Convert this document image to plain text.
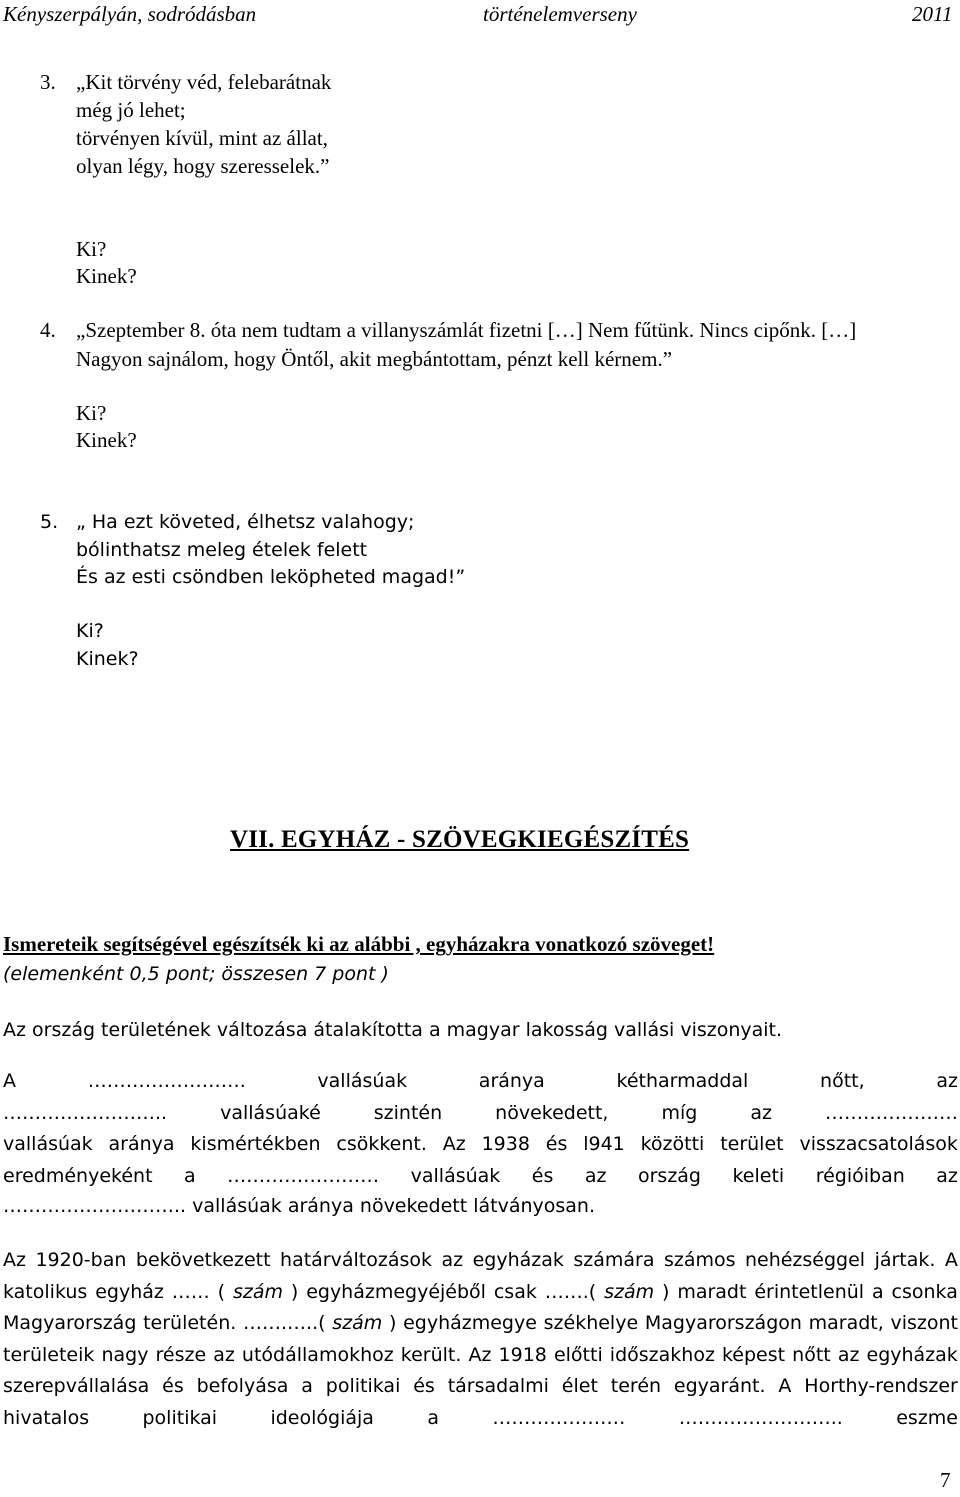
Kényszerpályán, sodródásban	történelemverseny	2011
3. „Kit törvény véd, felebarátnak
még jó lehet;
törvényen kívül, mint az állat,
olyan légy, hogy szeresselek.”
Ki?
Kinek?
4. „Szeptember 8. óta nem tudtam a villanyszámlát fizetni […] Nem fűtünk. Nincs cipőnk. […]
Nagyon sajnálom, hogy Öntől, akit megbántottam, pénzt kell kérnem.”
Ki?
Kinek?
5. „ Ha ezt követed, élhetsz valahogy;
bólinthatsz meleg ételek felett
És az esti csöndben leköpheted magad!”
Ki?
Kinek?
VII. EGYHÁZ - SZÖVEGKIEGÉSZÍTÉS
Ismereteik segítségével egészítsék ki az alábbi , egyházakra vonatkozó szöveget!
(elemenként 0,5 pont; összesen 7 pont )
Az ország területének változása átalakította a magyar lakosság vallási viszonyait.
A	…………………….	vallásúak	aránya	kétharmaddal	nőtt,	az
……………………..	vallásúaké	szintén	növekedett,	míg	az	…………………
vallásúak aránya kismértékben csökkent. Az 1938 és l941 közötti terület visszacsatolások
eredményeként a …………………… vallásúak és az ország keleti régióiban az
……………………….. vallásúak aránya növekedett látványosan.
Az 1920-ban bekövetkezett határváltozások az egyházak számára számos nehézséggel jártak. A
katolikus egyház …… ( szám ) egyházmegyéjéből csak …….( szám ) maradt érintetlenül a csonka
Magyarország területén. …….…..( szám ) egyházmegye székhelye Magyarországon maradt, viszont
területeik nagy része az utódállamokhoz került. Az 1918 előtti időszakhoz képest nőtt az egyházak
szerepvállalása és befolyása a politikai és társadalmi élet terén egyaránt. A Horthy-rendszer
hivatalos	politikai	ideológiája	a	…………………	……………………..	eszme
7
